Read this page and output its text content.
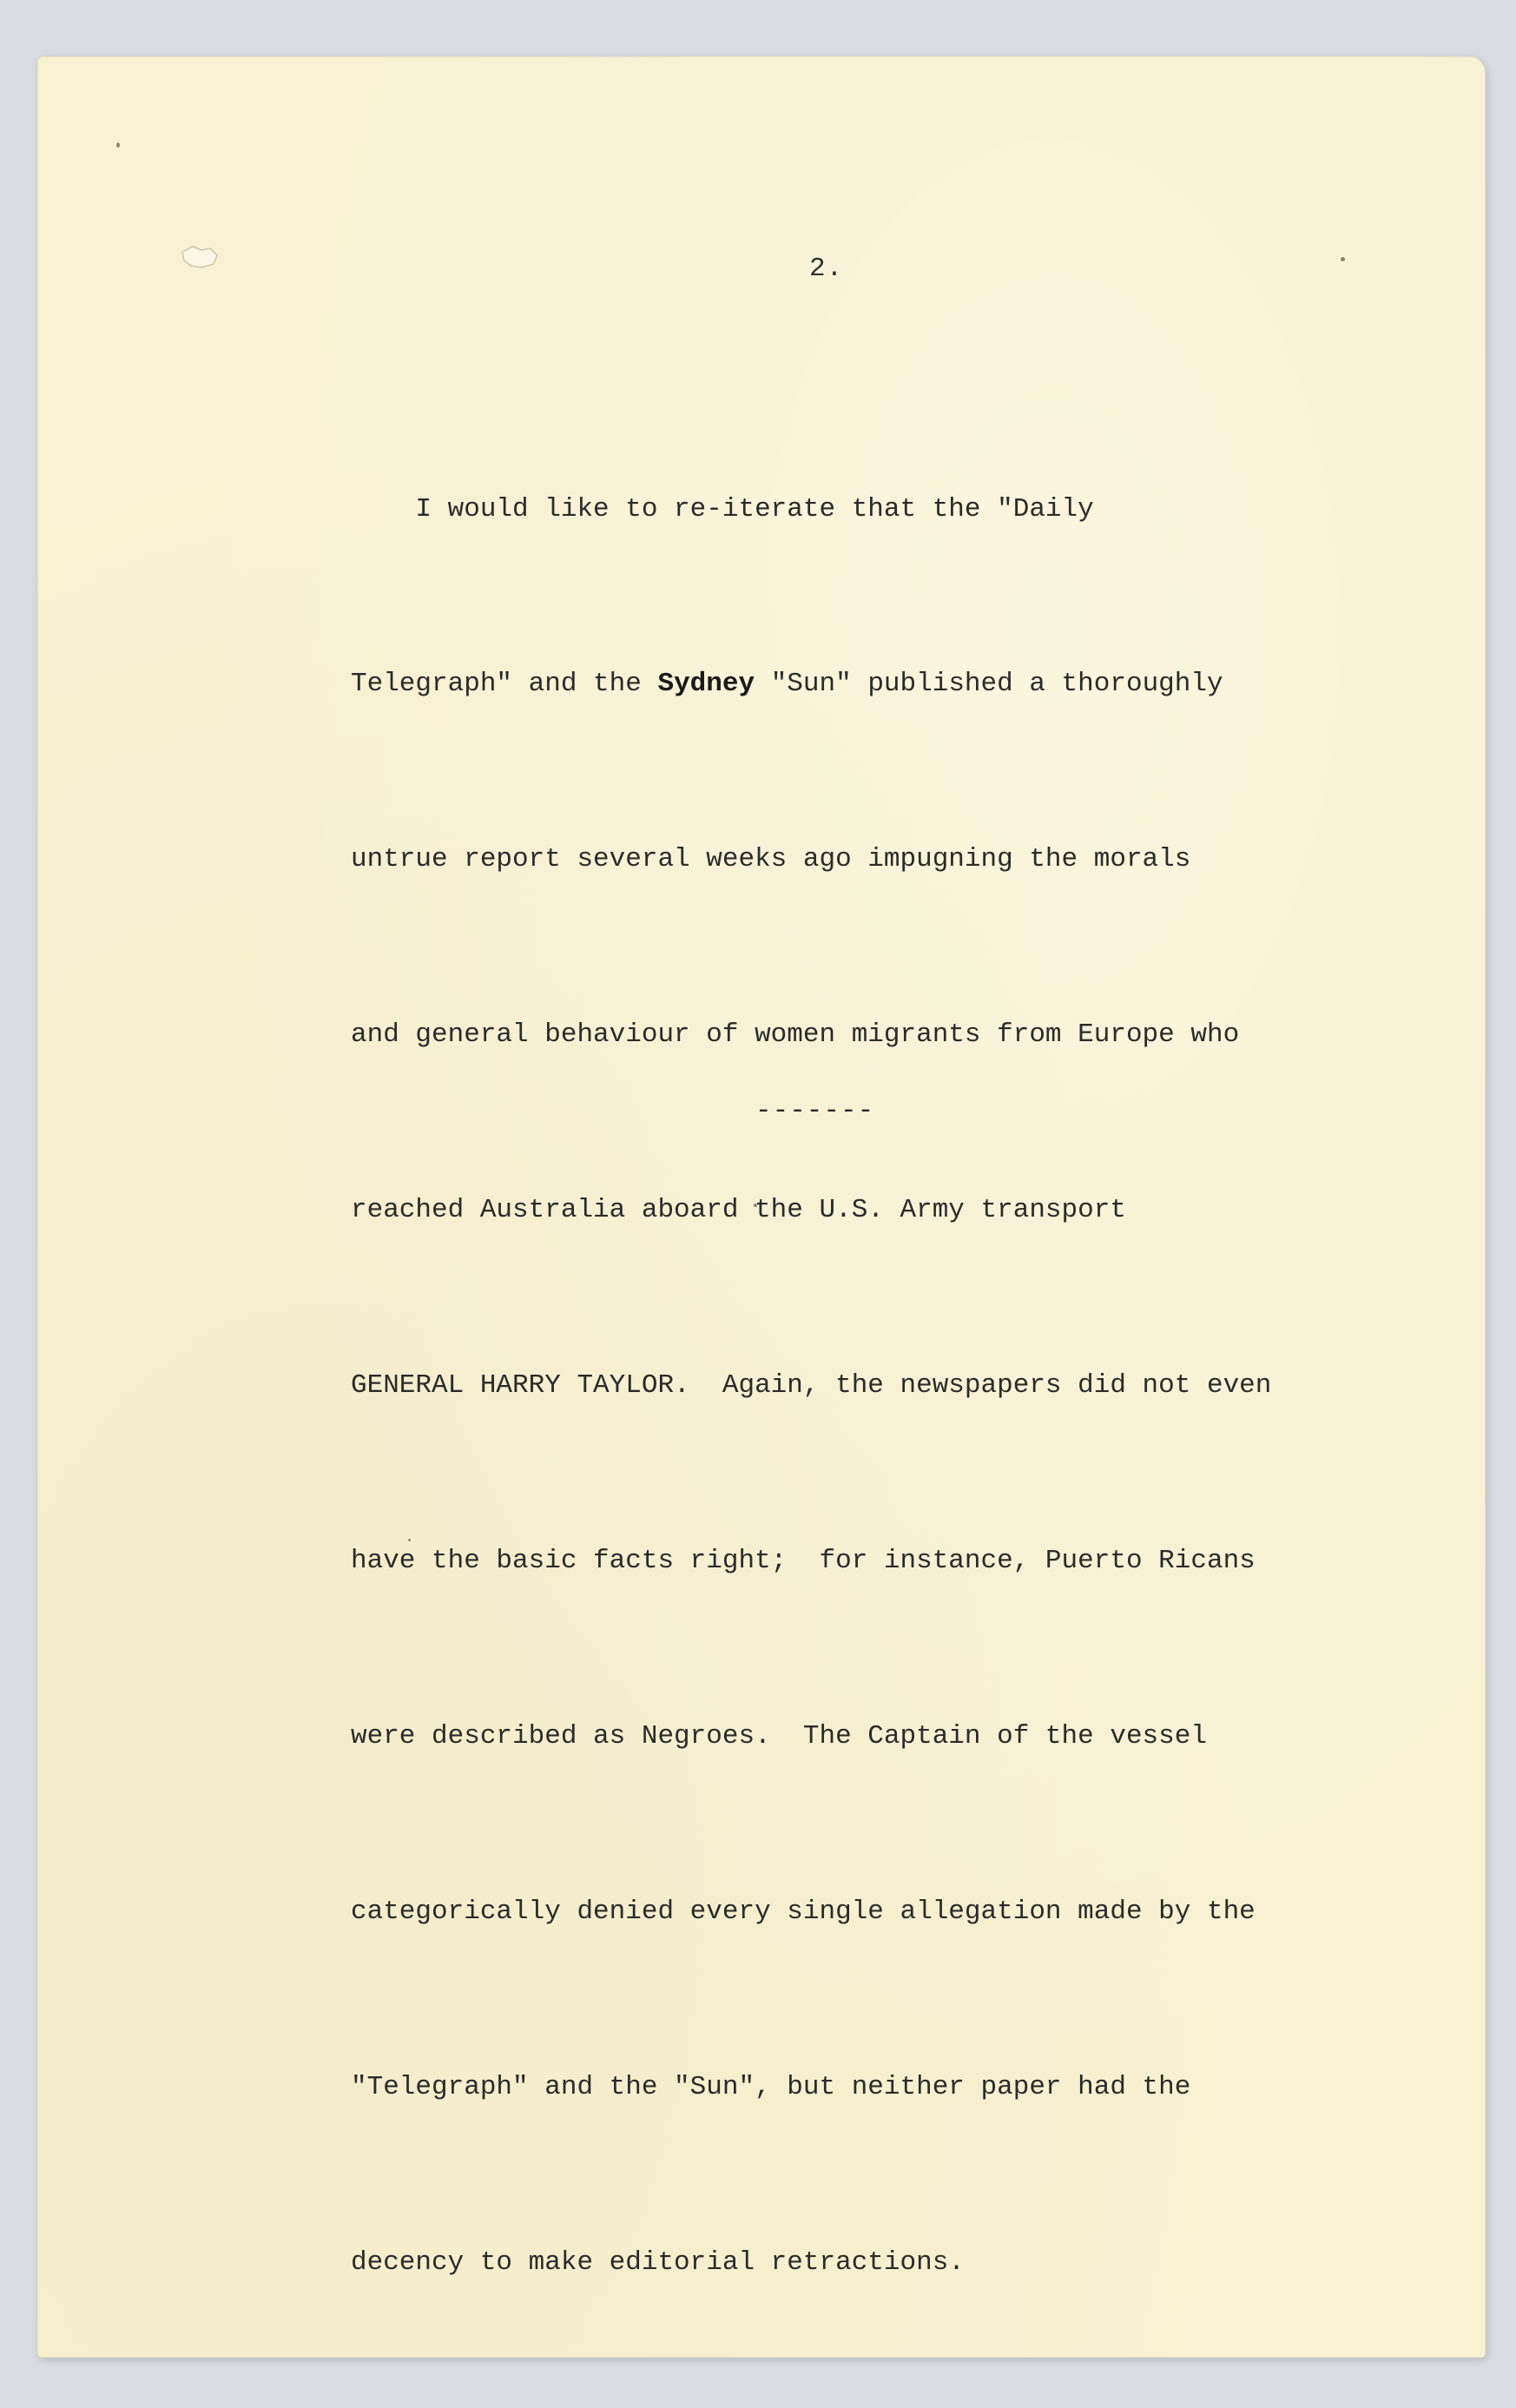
2.

I would like to re-iterate that the "Daily

Telegraph" and the Sydney "Sun" published a thoroughly

untrue report several weeks ago impugning the morals

and general behaviour of women migrants from Europe who

reached Australia aboard the U.S. Army transport

GENERAL HARRY TAYLOR.  Again, the newspapers did not even

have the basic facts right;  for instance, Puerto Ricans

were described as Negroes.  The Captain of the vessel

categorically denied every single allegation made by the

"Telegraph" and the "Sun", but neither paper had the

decency to make editorial retractions.

-------
